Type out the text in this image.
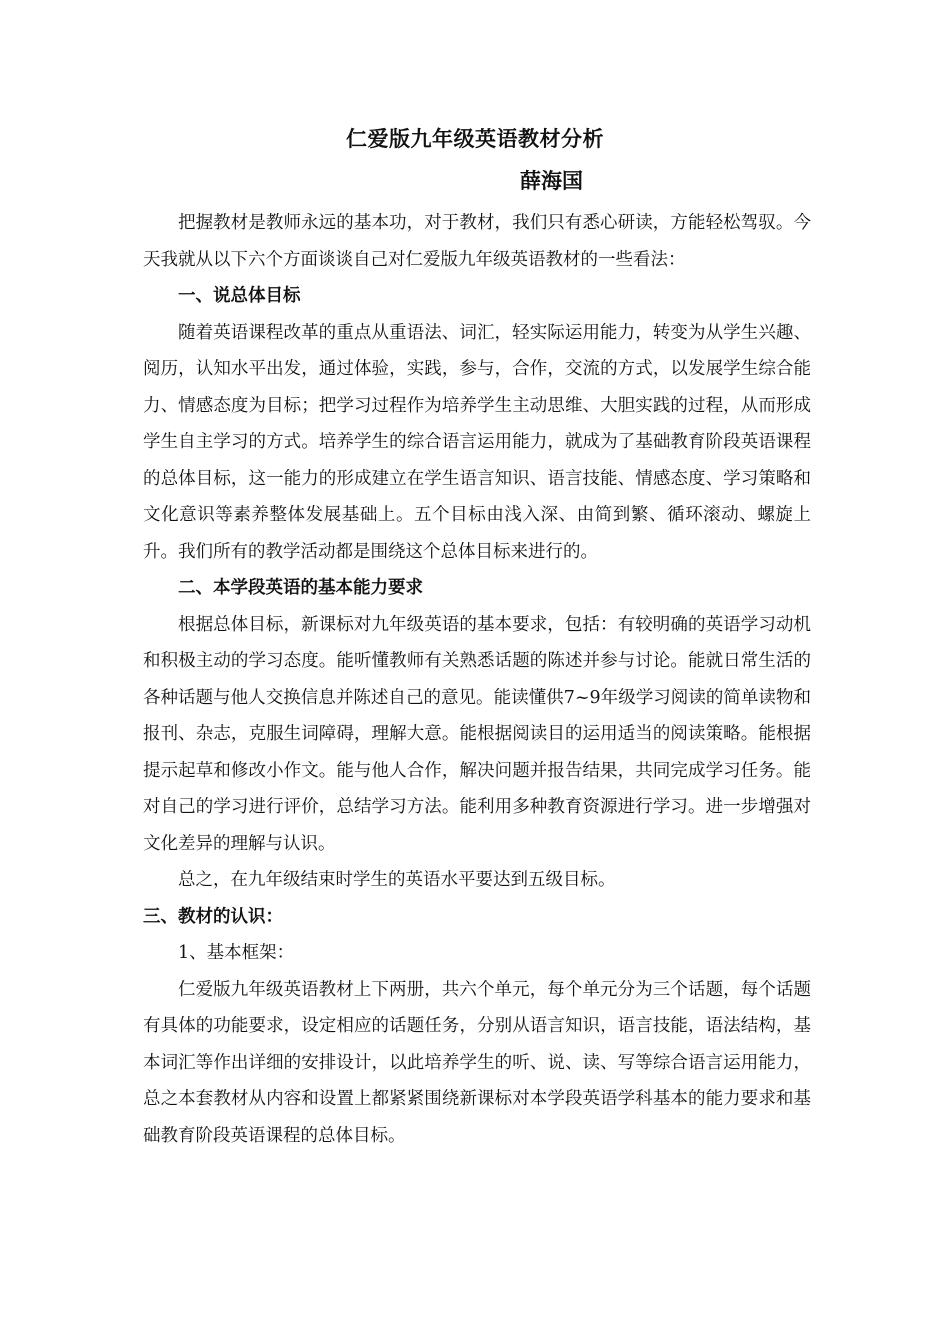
仁爱版九年级英语教材分析
薛海国

把握教材是教师永远的基本功，对于教材，我们只有悉心研读，方能轻松驾驭。今天我就从以下六个方面谈谈自己对仁爱版九年级英语教材的一些看法：

一、说总体目标

随着英语课程改革的重点从重语法、词汇，轻实际运用能力，转变为从学生兴趣、阅历，认知水平出发，通过体验，实践，参与，合作，交流的方式，以发展学生综合能力、情感态度为目标；把学习过程作为培养学生主动思维、大胆实践的过程，从而形成学生自主学习的方式。培养学生的综合语言运用能力，就成为了基础教育阶段英语课程的总体目标，这一能力的形成建立在学生语言知识、语言技能、情感态度、学习策略和文化意识等素养整体发展基础上。五个目标由浅入深、由简到繁、循环滚动、螺旋上升。我们所有的教学活动都是围绕这个总体目标来进行的。

二、本学段英语的基本能力要求

根据总体目标，新课标对九年级英语的基本要求，包括：有较明确的英语学习动机和积极主动的学习态度。能听懂教师有关熟悉话题的陈述并参与讨论。能就日常生活的各种话题与他人交换信息并陈述自己的意见。能读懂供7~9年级学习阅读的简单读物和报刊、杂志，克服生词障碍，理解大意。能根据阅读目的运用适当的阅读策略。能根据提示起草和修改小作文。能与他人合作，解决问题并报告结果，共同完成学习任务。能对自己的学习进行评价，总结学习方法。能利用多种教育资源进行学习。进一步增强对文化差异的理解与认识。

总之，在九年级结束时学生的英语水平要达到五级目标。

三、教材的认识：

1、基本框架：

仁爱版九年级英语教材上下两册，共六个单元，每个单元分为三个话题，每个话题有具体的功能要求，设定相应的话题任务，分别从语言知识，语言技能，语法结构，基本词汇等作出详细的安排设计，以此培养学生的听、说、读、写等综合语言运用能力，总之本套教材从内容和设置上都紧紧围绕新课标对本学段英语学科基本的能力要求和基础教育阶段英语课程的总体目标。
